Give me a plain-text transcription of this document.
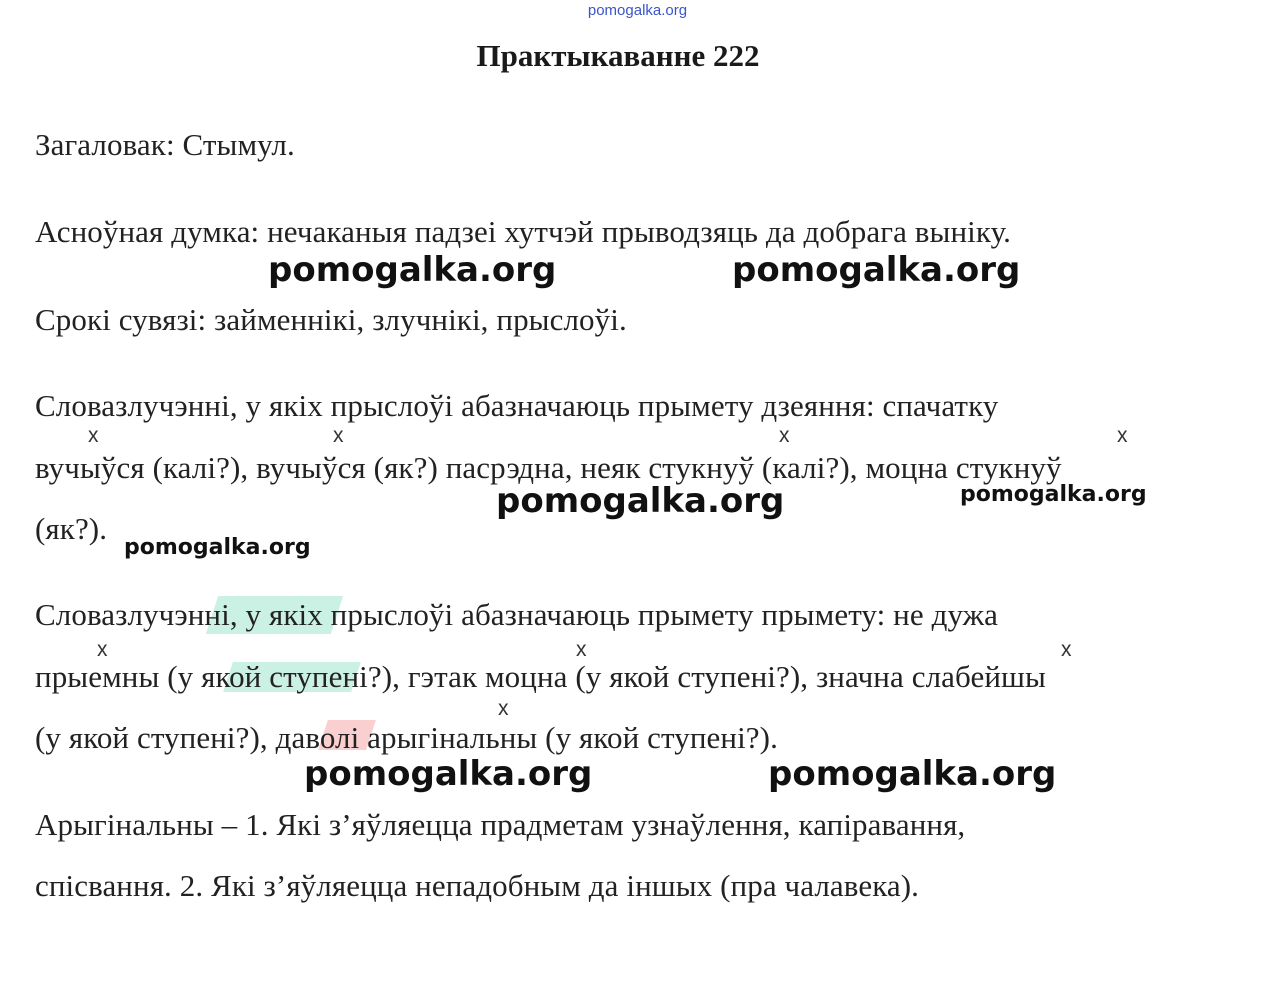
pomogalka.org
Практыкаванне 222
Загаловак: Стымул.
Асноўная думка: нечаканыя падзеі хутчэй прыводзяць да добрага выніку.
Срокі сувязі: займеннікі, злучнікі, прыслоўі.
Словазлучэнні, у якіх прыслоўі абазначаюць прымету дзеяння: спачатку
вучыўся (калі?), вучыўся (як?) пасрэдна, неяк стукнуў (калі?), моцна стукнуў
(як?).
Словазлучэнні, у якіх прыслоўі абазначаюць прымету прымету: не дужа
прыемны (у якой ступені?), гэтак моцна (у якой ступені?), значна слабейшы
(у якой ступені?), даволі арыгінальны (у якой ступені?).
Арыгінальны – 1. Які з’яўляецца прадметам узнаўлення, капіравання,
спісвання. 2. Які з’яўляецца непадобным да іншых (пра чалавека).
x	x	x	x
x	x	x
x
pomogalka.org	pomogalka.org
pomogalka.org	pomogalka.org
pomogalka.org
pomogalka.org	pomogalka.org
